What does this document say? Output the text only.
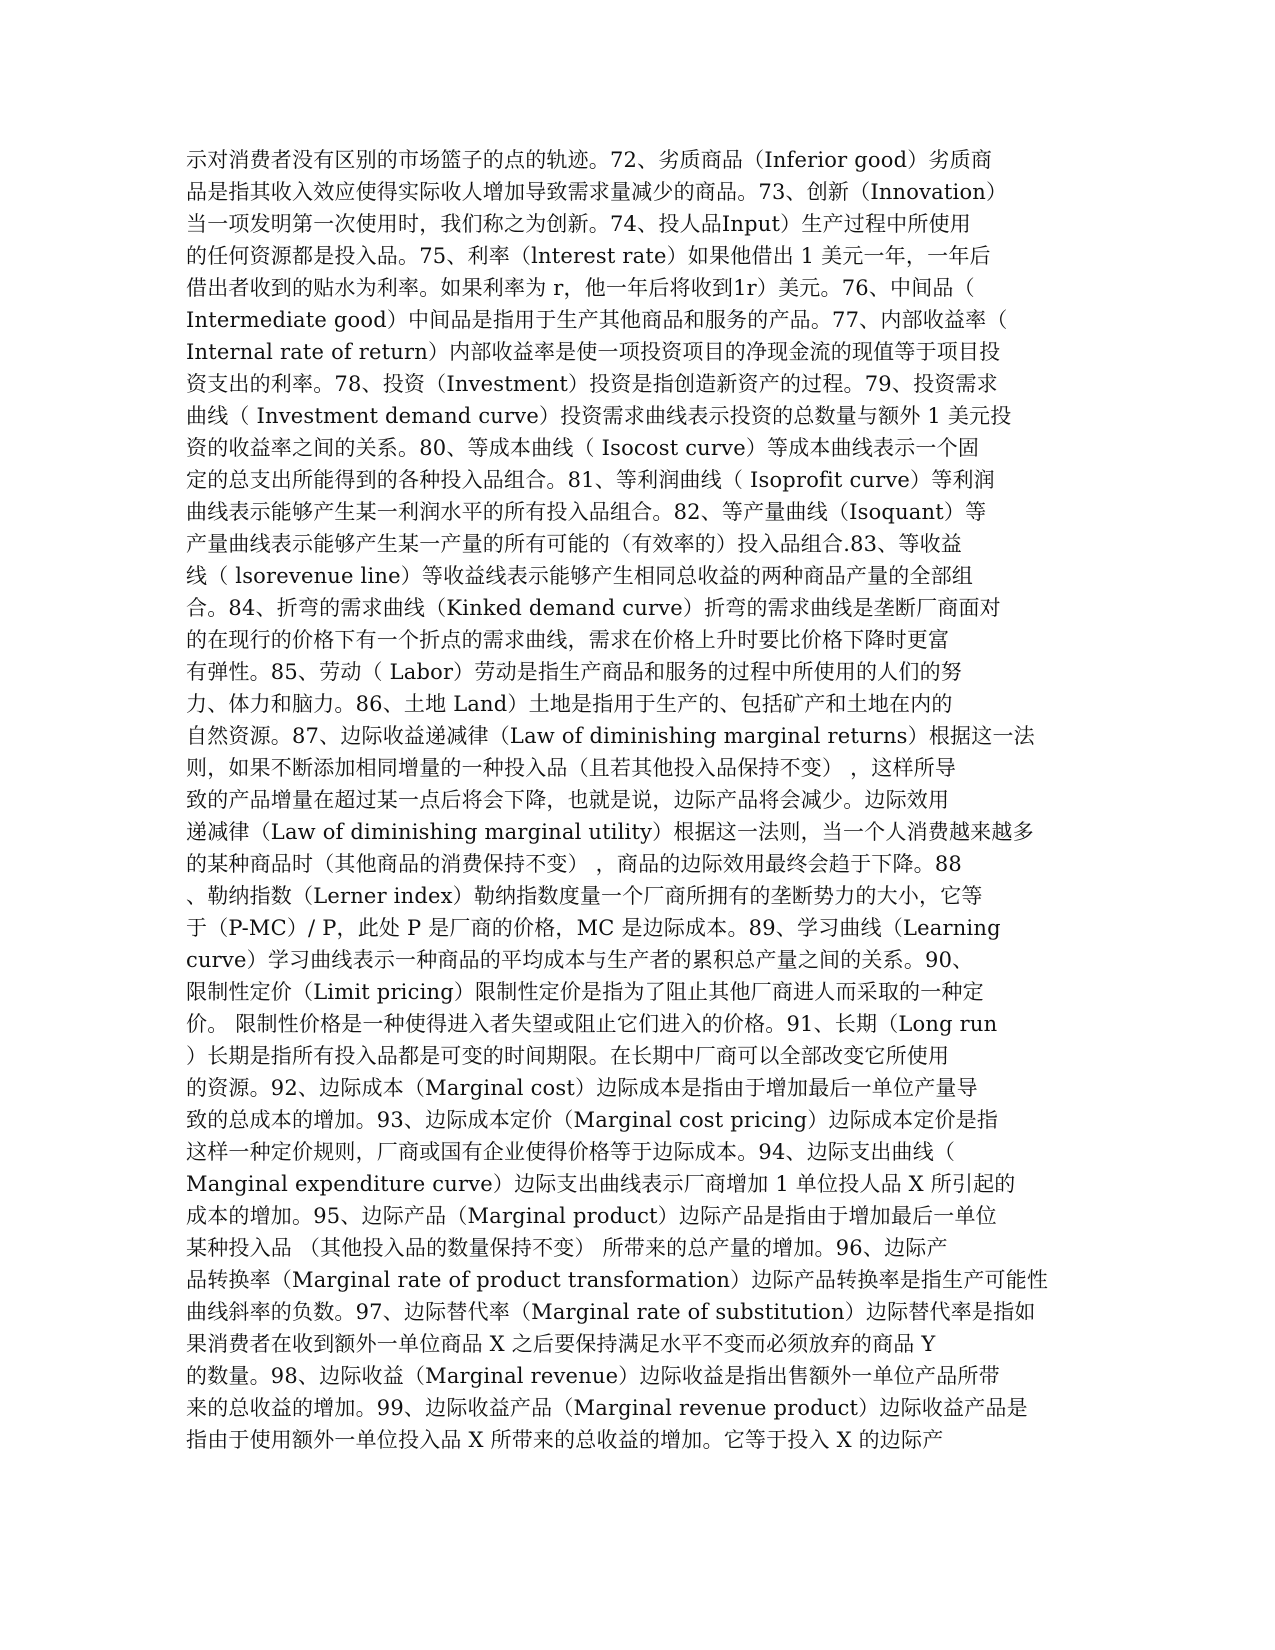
示对消费者没有区别的市场篮子的点的轨迹。72、劣质商品（Inferior good）劣质商
品是指其收入效应使得实际收人增加导致需求量减少的商品。73、创新（Innovation）
当一项发明第一次使用时，我们称之为创新。74、投人品Input）生产过程中所使用
的任何资源都是投入品。75、利率（lnterest rate）如果他借出 1 美元一年，一年后
借出者收到的贴水为利率。如果利率为 r，他一年后将收到1r）美元。76、中间品（
Intermediate good）中间品是指用于生产其他商品和服务的产品。77、内部收益率（
Internal rate of return）内部收益率是使一项投资项目的净现金流的现值等于项目投
资支出的利率。78、投资（Investment）投资是指创造新资产的过程。79、投资需求
曲线（ Investment demand curve）投资需求曲线表示投资的总数量与额外 1 美元投
资的收益率之间的关系。80、等成本曲线（ Isocost curve）等成本曲线表示一个固
定的总支出所能得到的各种投入品组合。81、等利润曲线（ Isoprofit curve）等利润
曲线表示能够产生某一利润水平的所有投入品组合。82、等产量曲线（Isoquant）等
产量曲线表示能够产生某一产量的所有可能的（有效率的）投入品组合.83、等收益
线（ lsorevenue line）等收益线表示能够产生相同总收益的两种商品产量的全部组
合。84、折弯的需求曲线（Kinked demand curve）折弯的需求曲线是垄断厂商面对
的在现行的价格下有一个折点的需求曲线，需求在价格上升时要比价格下降时更富
有弹性。85、劳动（ Labor）劳动是指生产商品和服务的过程中所使用的人们的努
力、体力和脑力。86、土地 Land）土地是指用于生产的、包括矿产和土地在内的
自然资源。87、边际收益递减律（Law of diminishing marginal returns）根据这一法
则，如果不断添加相同增量的一种投入品（且若其他投入品保持不变） ，这样所导
致的产品增量在超过某一点后将会下降，也就是说，边际产品将会减少。边际效用
递减律（Law of diminishing marginal utility）根据这一法则，当一个人消费越来越多
的某种商品时（其他商品的消费保持不变） ，商品的边际效用最终会趋于下降。88
、勒纳指数（Lerner index）勒纳指数度量一个厂商所拥有的垄断势力的大小，它等
于（P-MC）/ P，此处 P 是厂商的价格，MC 是边际成本。89、学习曲线（Learning
curve）学习曲线表示一种商品的平均成本与生产者的累积总产量之间的关系。90、
限制性定价（Limit pricing）限制性定价是指为了阻止其他厂商进人而采取的一种定
价。 限制性价格是一种使得进入者失望或阻止它们进入的价格。91、长期（Long run
）长期是指所有投入品都是可变的时间期限。在长期中厂商可以全部改变它所使用
的资源。92、边际成本（Marginal cost）边际成本是指由于增加最后一单位产量导
致的总成本的增加。93、边际成本定价（Marginal cost pricing）边际成本定价是指
这样一种定价规则，厂商或国有企业使得价格等于边际成本。94、边际支出曲线（
Manginal expenditure curve）边际支出曲线表示厂商增加 1 单位投人品 X 所引起的
成本的增加。95、边际产品（Marginal product）边际产品是指由于增加最后一单位
某种投入品 （其他投入品的数量保持不变） 所带来的总产量的增加。96、边际产
品转换率（Marginal rate of product transformation）边际产品转换率是指生产可能性
曲线斜率的负数。97、边际替代率（Marginal rate of substitution）边际替代率是指如
果消费者在收到额外一单位商品 X 之后要保持满足水平不变而必须放弃的商品 Y
的数量。98、边际收益（Marginal revenue）边际收益是指出售额外一单位产品所带
来的总收益的增加。99、边际收益产品（Marginal revenue product）边际收益产品是
指由于使用额外一单位投入品 X 所带来的总收益的增加。它等于投入 X 的边际产
